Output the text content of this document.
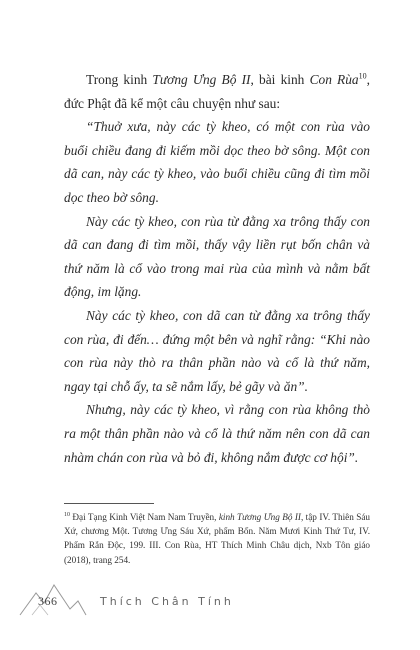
Trong kinh Tương Ưng Bộ II, bài kinh Con Rùa$^{10}$, đức Phật đã kể một câu chuyện như sau:

“Thuở xưa, này các tỳ kheo, có một con rùa vào buổi chiều đang đi kiếm mồi dọc theo bờ sông. Một con dã can, này các tỳ kheo, vào buổi chiều cũng đi tìm mồi dọc theo bờ sông.

Này các tỳ kheo, con rùa từ đằng xa trông thấy con dã can đang đi tìm mồi, thấy vậy liền rụt bốn chân và thứ năm là cổ vào trong mai rùa của mình và nằm bất động, im lặng.

Này các tỳ kheo, con dã can từ đằng xa trông thấy con rùa, đi đến… đứng một bên và nghĩ rằng: “Khi nào con rùa này thò ra thân phần nào và cổ là thứ năm, ngay tại chỗ ấy, ta sẽ nắm lấy, bẻ gãy và ăn”.

Nhưng, này các tỳ kheo, vì rằng con rùa không thò ra một thân phần nào và cổ là thứ năm nên con dã can nhàm chán con rùa và bỏ đi, không nắm được cơ hội”.

$^{10}$ Đại Tạng Kinh Việt Nam Nam Truyền, kinh Tương Ưng Bộ II, tập IV. Thiên Sáu Xứ, chương Một. Tương Ưng Sáu Xứ, phẩm Bốn. Năm Mươi Kinh Thứ Tư, IV. Phẩm Rắn Độc, 199. III. Con Rùa, HT Thích Minh Châu dịch, Nxb Tôn giáo (2018), trang 254.
366	Thích Chân Tính
